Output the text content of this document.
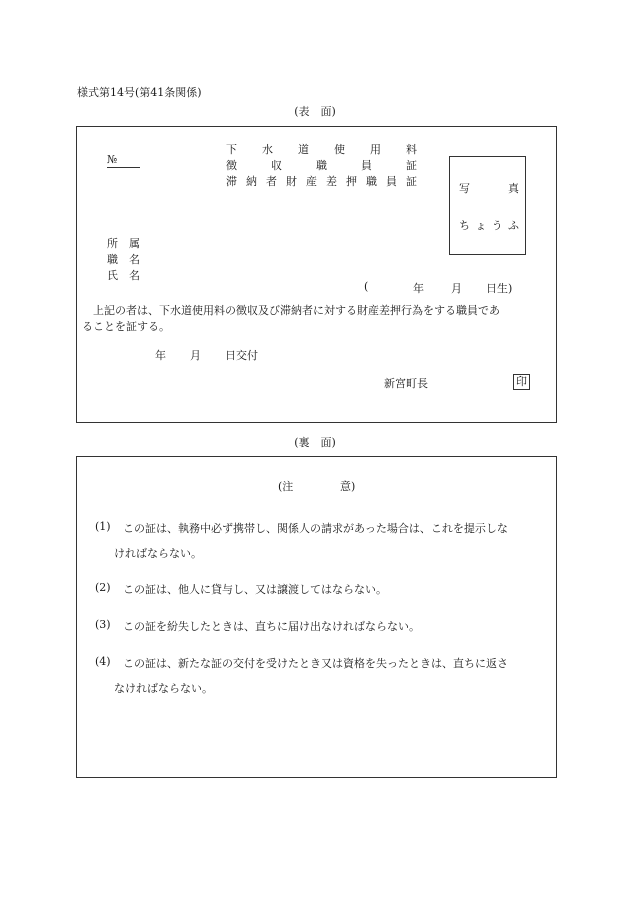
様式第14号(第41条関係)
(表　面)
№
下 水 道 使 用 料
徴	収	職	員	証
滞 納 者 財 産 差 押 職 員 証
写	真
ち ょ う ふ
所 属
職 名
氏 名
(	年 月 日生)
上記の者は、下水道使用料の徴収及び滞納者に対する財産差押行為をする職員であ
ることを証する。
年 月 日交付
新宮町長	印
(裏　面)
(注	意)
(1) この証は、執務中必ず携帯し、関係人の請求があった場合は、これを提示しな
ければならない。
(2) この証は、他人に貸与し、又は譲渡してはならない。
(3) この証を紛失したときは、直ちに届け出なければならない。
(4) この証は、新たな証の交付を受けたとき又は資格を失ったときは、直ちに返さ
なければならない。
